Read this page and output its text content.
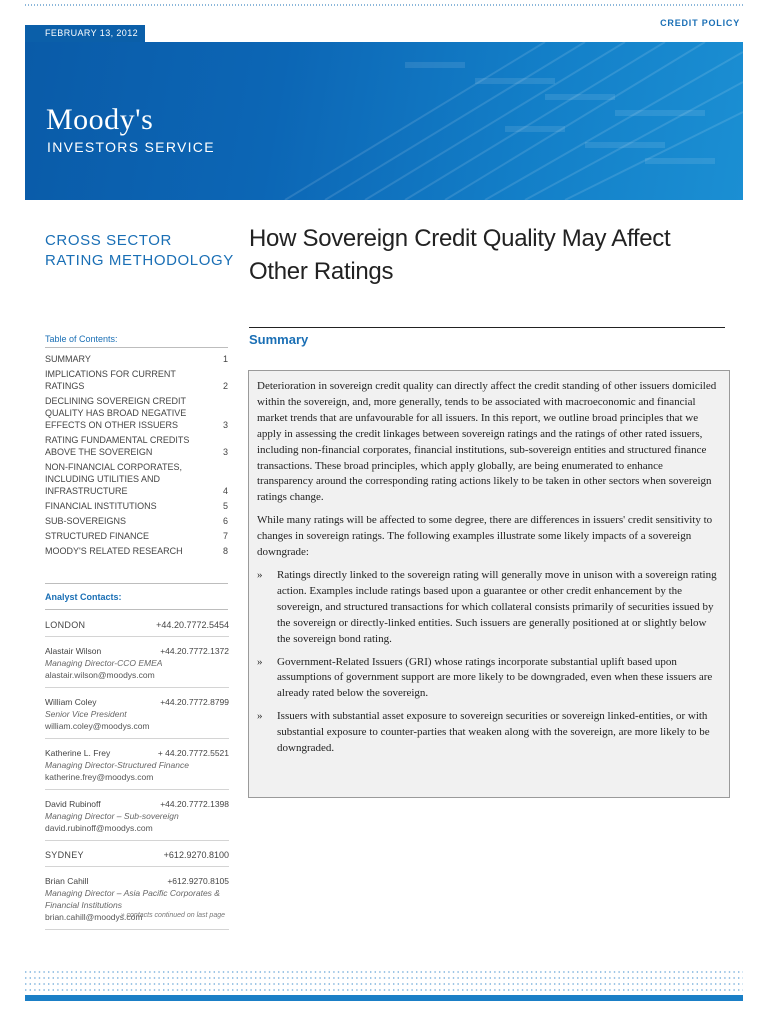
CREDIT POLICY
FEBRUARY 13, 2012
Moody's
INVESTORS SERVICE
CROSS SECTOR
RATING METHODOLOGY
Table of Contents:
SUMMARY	1
IMPLICATIONS FOR CURRENT RATINGS	2
DECLINING SOVEREIGN CREDIT QUALITY HAS BROAD NEGATIVE EFFECTS ON OTHER ISSUERS	3
RATING FUNDAMENTAL CREDITS ABOVE THE SOVEREIGN	3
NON-FINANCIAL CORPORATES, INCLUDING UTILITIES AND INFRASTRUCTURE	4
FINANCIAL INSTITUTIONS	5
SUB-SOVEREIGNS	6
STRUCTURED FINANCE	7
MOODY'S RELATED RESEARCH	8
Analyst Contacts:
LONDON	+44.20.7772.5454
Alastair Wilson	+44.20.7772.1372
Managing Director-CCO EMEA
alastair.wilson@moodys.com
William Coley	+44.20.7772.8799
Senior Vice President
william.coley@moodys.com
Katherine L. Frey	+ 44.20.7772.5521
Managing Director-Structured Finance
katherine.frey@moodys.com
David Rubinoff	+44.20.7772.1398
Managing Director – Sub-sovereign
david.rubinoff@moodys.com
SYDNEY	+612.9270.8100
Brian Cahill	+612.9270.8105
Managing Director – Asia Pacific Corporates & Financial Institutions
brian.cahill@moodys.com
» contacts continued on last page
How Sovereign Credit Quality May Affect Other Ratings
Summary

Deterioration in sovereign credit quality can directly affect the credit standing of other issuers domiciled within the sovereign, and, more generally, tends to be associated with macroeconomic and financial market trends that are unfavourable for all issuers. In this report, we outline broad principles that we apply in assessing the credit linkages between sovereign ratings and the ratings of other rated issuers, including non-financial corporates, financial institutions, sub-sovereign entities and structured finance transactions. These broad principles, which apply globally, are being enumerated to enhance transparency around the corresponding rating actions likely to be taken in other sectors when sovereign ratings change.

While many ratings will be affected to some degree, there are differences in issuers' credit sensitivity to changes in sovereign ratings. The following examples illustrate some likely impacts of a sovereign downgrade:

»	Ratings directly linked to the sovereign rating will generally move in unison with a sovereign rating action. Examples include ratings based upon a guarantee or other credit enhancement by the sovereign, and structured transactions for which collateral consists primarily of securities issued by the sovereign or directly-linked entities. Such issuers are generally positioned at or slightly below the sovereign bond rating.
»	Government-Related Issuers (GRI) whose ratings incorporate substantial uplift based upon assumptions of government support are more likely to be downgraded, even when these issuers are already rated below the sovereign.
»	Issuers with substantial asset exposure to sovereign securities or sovereign linked-entities, or with substantial exposure to counter-parties that weaken along with the sovereign, are more likely to be downgraded.
